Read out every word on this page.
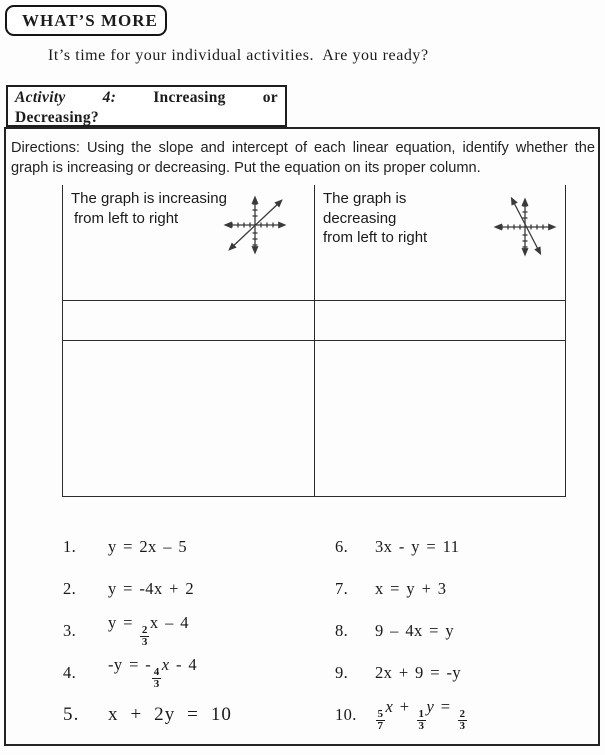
WHAT’S MORE
It’s time for your individual activities.  Are you ready?
Activity 4: Increasing or
Decreasing?
Directions: Using the slope and intercept of each linear equation, identify whether the
graph is increasing or decreasing. Put the equation on its proper column.
The graph is increasing
from left to right
The graph is decreasing
from left to right
1.	y = 2x – 5
2.	y = -4x + 2
3.	y =
$\frac{2}{3}$
x – 4
4.	-y = -
$\frac{4}{3}$
x - 4
5.	x + 2y = 10
6.	3x - y = 11
7.	x = y + 3
8.	9 – 4x = y
9.	2x + 9 = -y
10.	$\frac{5}{7}$
x +
$\frac{1}{3}$
y =
$\frac{2}{3}$
